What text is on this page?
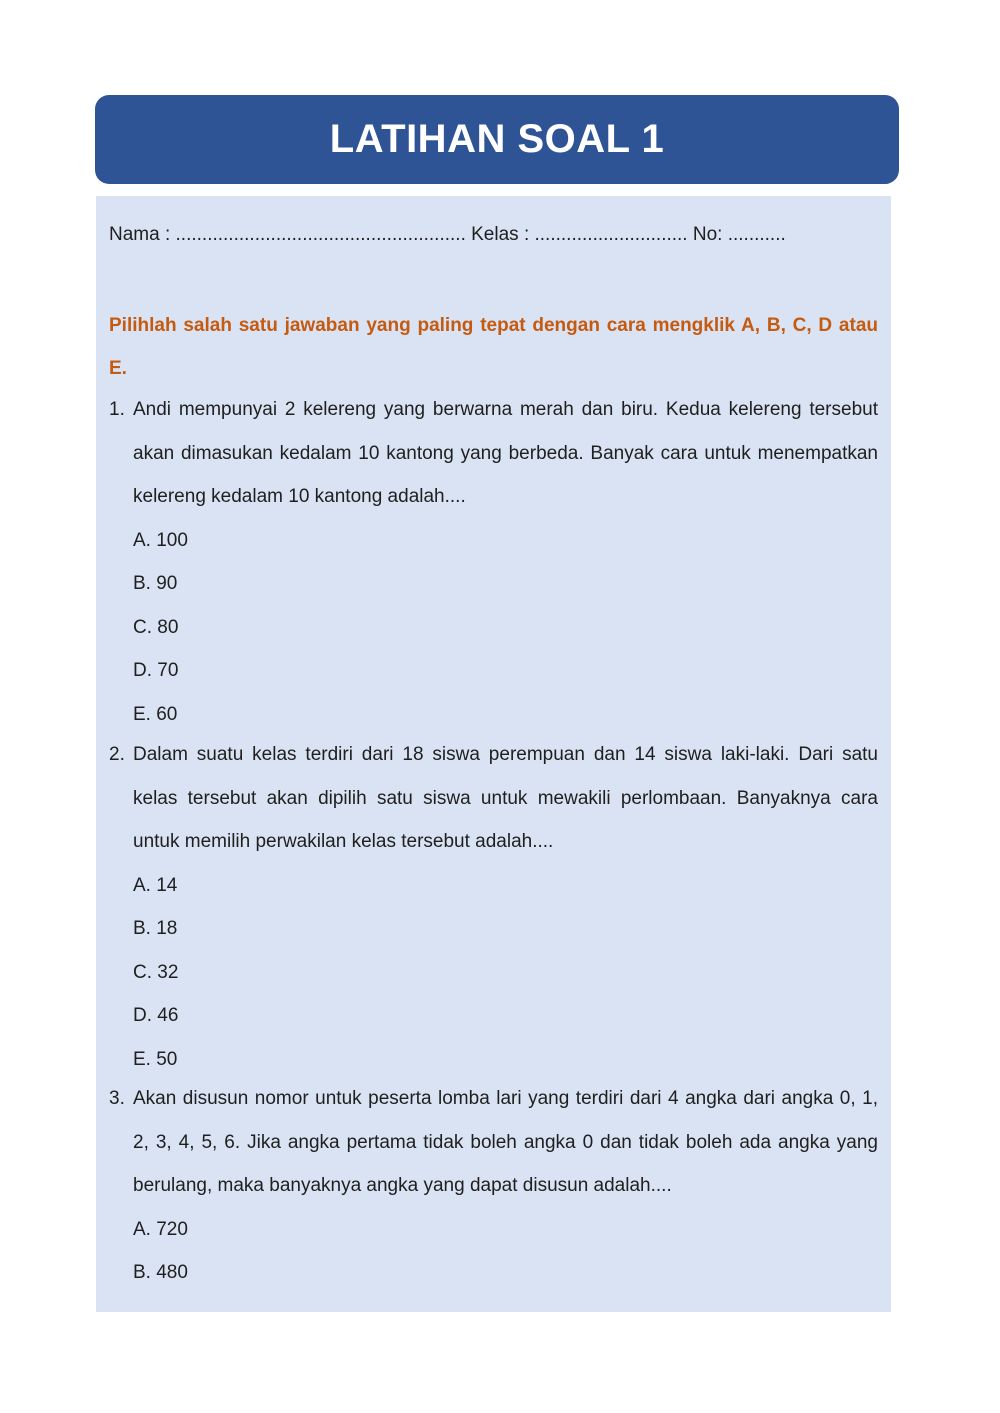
LATIHAN SOAL 1
Nama : ....................................................... Kelas : ............................. No: ...........
Pilihlah salah satu jawaban yang paling tepat dengan cara mengklik A, B, C, D atau E.
1. Andi mempunyai 2 kelereng yang berwarna merah dan biru. Kedua kelereng tersebut akan dimasukan kedalam 10 kantong yang berbeda. Banyak cara untuk menempatkan kelereng kedalam 10 kantong adalah....
A. 100
B. 90
C. 80
D. 70
E. 60
2. Dalam suatu kelas terdiri dari 18 siswa perempuan dan 14 siswa laki-laki. Dari satu kelas tersebut akan dipilih satu siswa untuk mewakili perlombaan. Banyaknya cara untuk memilih perwakilan kelas tersebut adalah....
A. 14
B. 18
C. 32
D. 46
E. 50
3. Akan disusun nomor untuk peserta lomba lari yang terdiri dari 4 angka dari angka 0, 1, 2, 3, 4, 5, 6. Jika angka pertama tidak boleh angka 0 dan tidak boleh ada angka yang berulang, maka banyaknya angka yang dapat disusun adalah....
A. 720
B. 480
